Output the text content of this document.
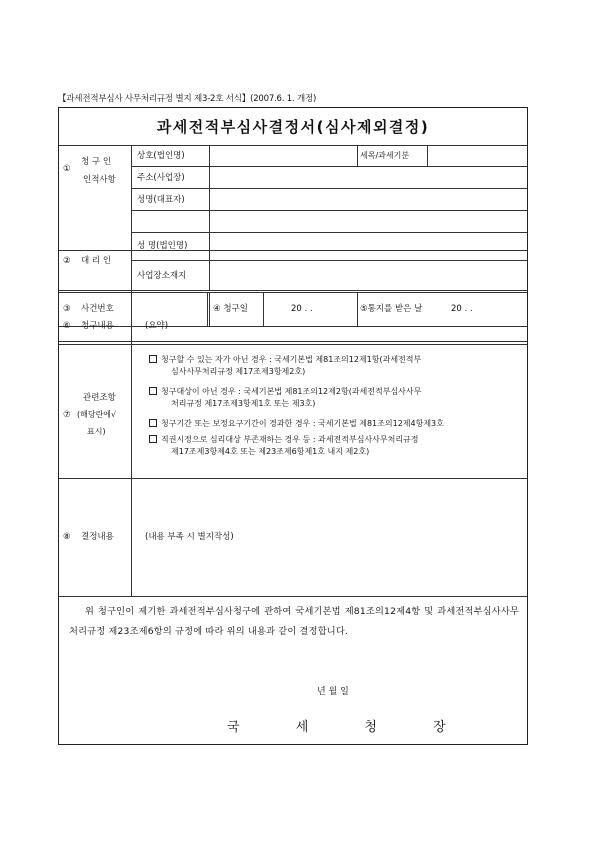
【과세전적부심사 사무처리규정 별지 제3-2호 서식】(2007.6. 1. 개정)
과세전적부심사결정서(심사제외결정)
①
청 구 인
인적사항
상호(법인명)	세목/과세기분
주소(사업장)
성명(대표자)
② 대 리 인
성 명(법인명)
사업장소재지
③ 사건번호	④ 청구일	20 . .	⑤통지를 받은 날	20 . .
⑥ 청구내용	(요약)
⑦
관련조항
(해당란에√
표시)
청구할 수 있는 자가 아닌 경우 : 국세기본법 제81조의12제1항(과세전적부
심사사무처리규정 제17조제3항제2호)
청구대상이 아닌 경우 : 국세기본법 제81조의12제2항(과세전적부심사사무
처리규정 제17조제3항제1호 또는 제3호)
청구기간 또는 보정요구기간이 경과한 경우 : 국세기본법 제81조의12제4항제3호
직권시정으로 심리대상 부존재하는 경우 등 : 과세전적부심사사무처리규정
제17조제3항제4호 또는 제23조제6항제1호 내지 제2호)
⑧ 결정내용	(내용 부족 시 별지작성)
위 청구인이 제기한 과세전적부심사청구에 관하여 국세기본법 제81조의12제4항 및 과세전적부심사사무처리규정 제23조제6항의 규정에 따라 위의 내용과 같이 결정합니다.
년 월 일
국 세 청 장
